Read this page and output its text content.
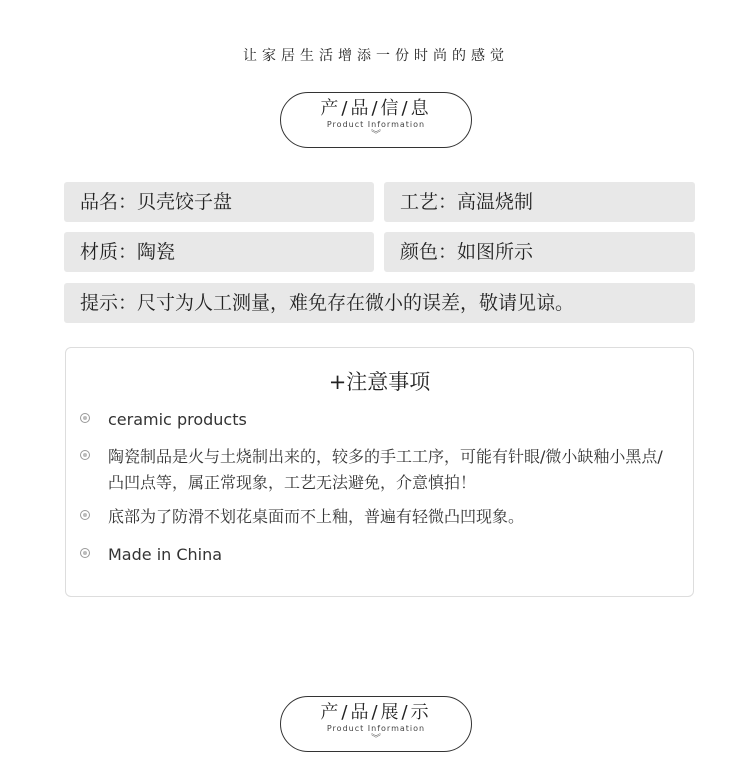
让家居生活增添一份时尚的感觉
产/品/信/息
Product Information
︾
品名：贝壳饺子盘	工艺：高温烧制
材质：陶瓷	颜色：如图所示
提示：尺寸为人工测量，难免存在微小的误差，敬请见谅。
+注意事项
ceramic products
陶瓷制品是火与土烧制出来的，较多的手工工序，可能有针眼/微小缺釉小黑点/凸凹点等，属正常现象，工艺无法避免，介意慎拍！
底部为了防滑不划花桌面而不上釉，普遍有轻微凸凹现象。
Made in China
产/品/展/示
Product Information
︾
